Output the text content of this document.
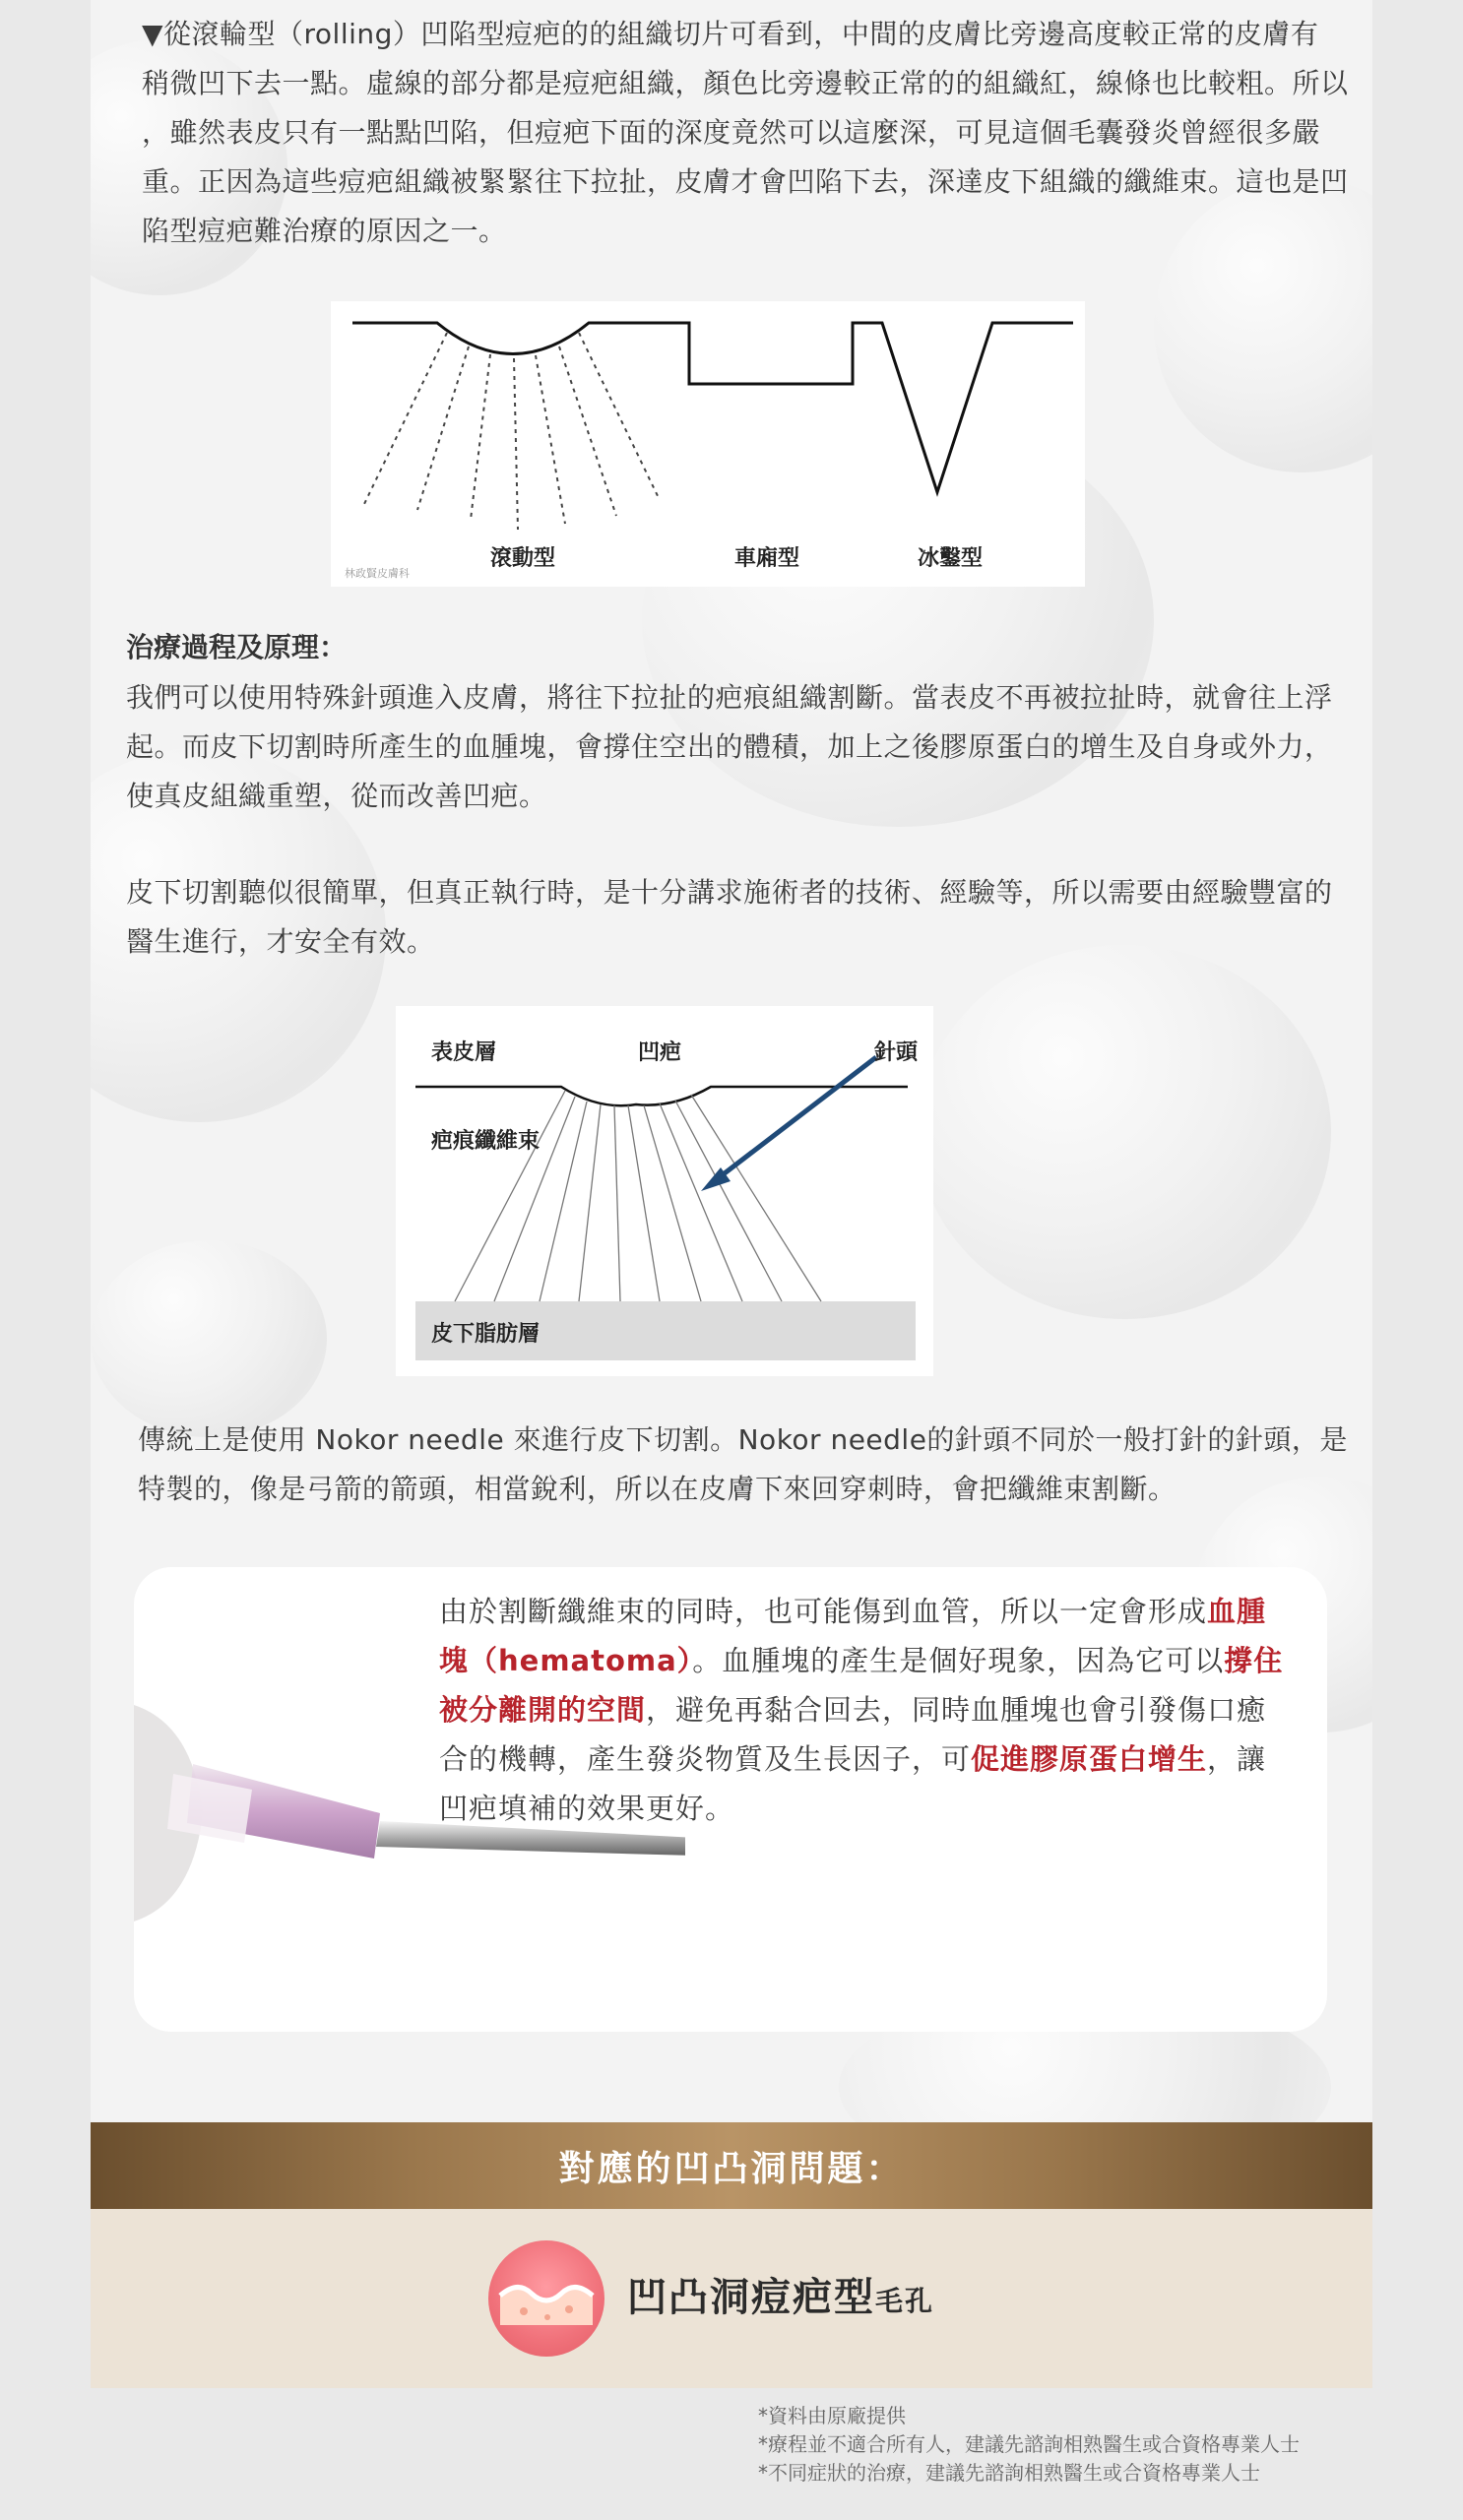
▼從滾輪型（rolling）凹陷型痘疤的的組織切片可看到，中間的皮膚比旁邊高度較正常的皮膚有

稍微凹下去一點。虛線的部分都是痘疤組織，顏色比旁邊較正常的的組織紅，線條也比較粗。所以

，雖然表皮只有一點點凹陷，但痘疤下面的深度竟然可以這麼深，可見這個毛囊發炎曾經很多嚴

重。正因為這些痘疤組織被緊緊往下拉扯，皮膚才會凹陷下去，深達皮下組織的纖維束。這也是凹

陷型痘疤難治療的原因之一。

滾動型	車廂型	冰鑿型
林政賢皮膚科
治療過程及原理：

我們可以使用特殊針頭進入皮膚，將往下拉扯的疤痕組織割斷。當表皮不再被拉扯時，就會往上浮

起。而皮下切割時所產生的血腫塊，會撐住空出的體積，加上之後膠原蛋白的增生及自身或外力，

使真皮組織重塑，從而改善凹疤。

皮下切割聽似很簡單，但真正執行時，是十分講求施術者的技術、經驗等，所以需要由經驗豐富的

醫生進行，才安全有效。

表皮層	凹疤	針頭
疤痕纖維束
皮下脂肪層

傳統上是使用 Nokor needle 來進行皮下切割。Nokor needle的針頭不同於一般打針的針頭，是

特製的，像是弓箭的箭頭，相當銳利，所以在皮膚下來回穿刺時，會把纖維束割斷。

由於割斷纖維束的同時，也可能傷到血管，所以一定會形成血腫塊（hematoma）。血腫塊的產生是個好現象，因為它可以撐住被分離開的空間，避免再黏合回去，同時血腫塊也會引發傷口癒合的機轉，產生發炎物質及生長因子，可促進膠原蛋白增生，讓凹疤填補的效果更好。
對應的凹凸洞問題：
凹凸洞痘疤型毛孔
*資料由原廠提供
*療程並不適合所有人，建議先諮詢相熟醫生或合資格專業人士
*不同症狀的治療，建議先諮詢相熟醫生或合資格專業人士
